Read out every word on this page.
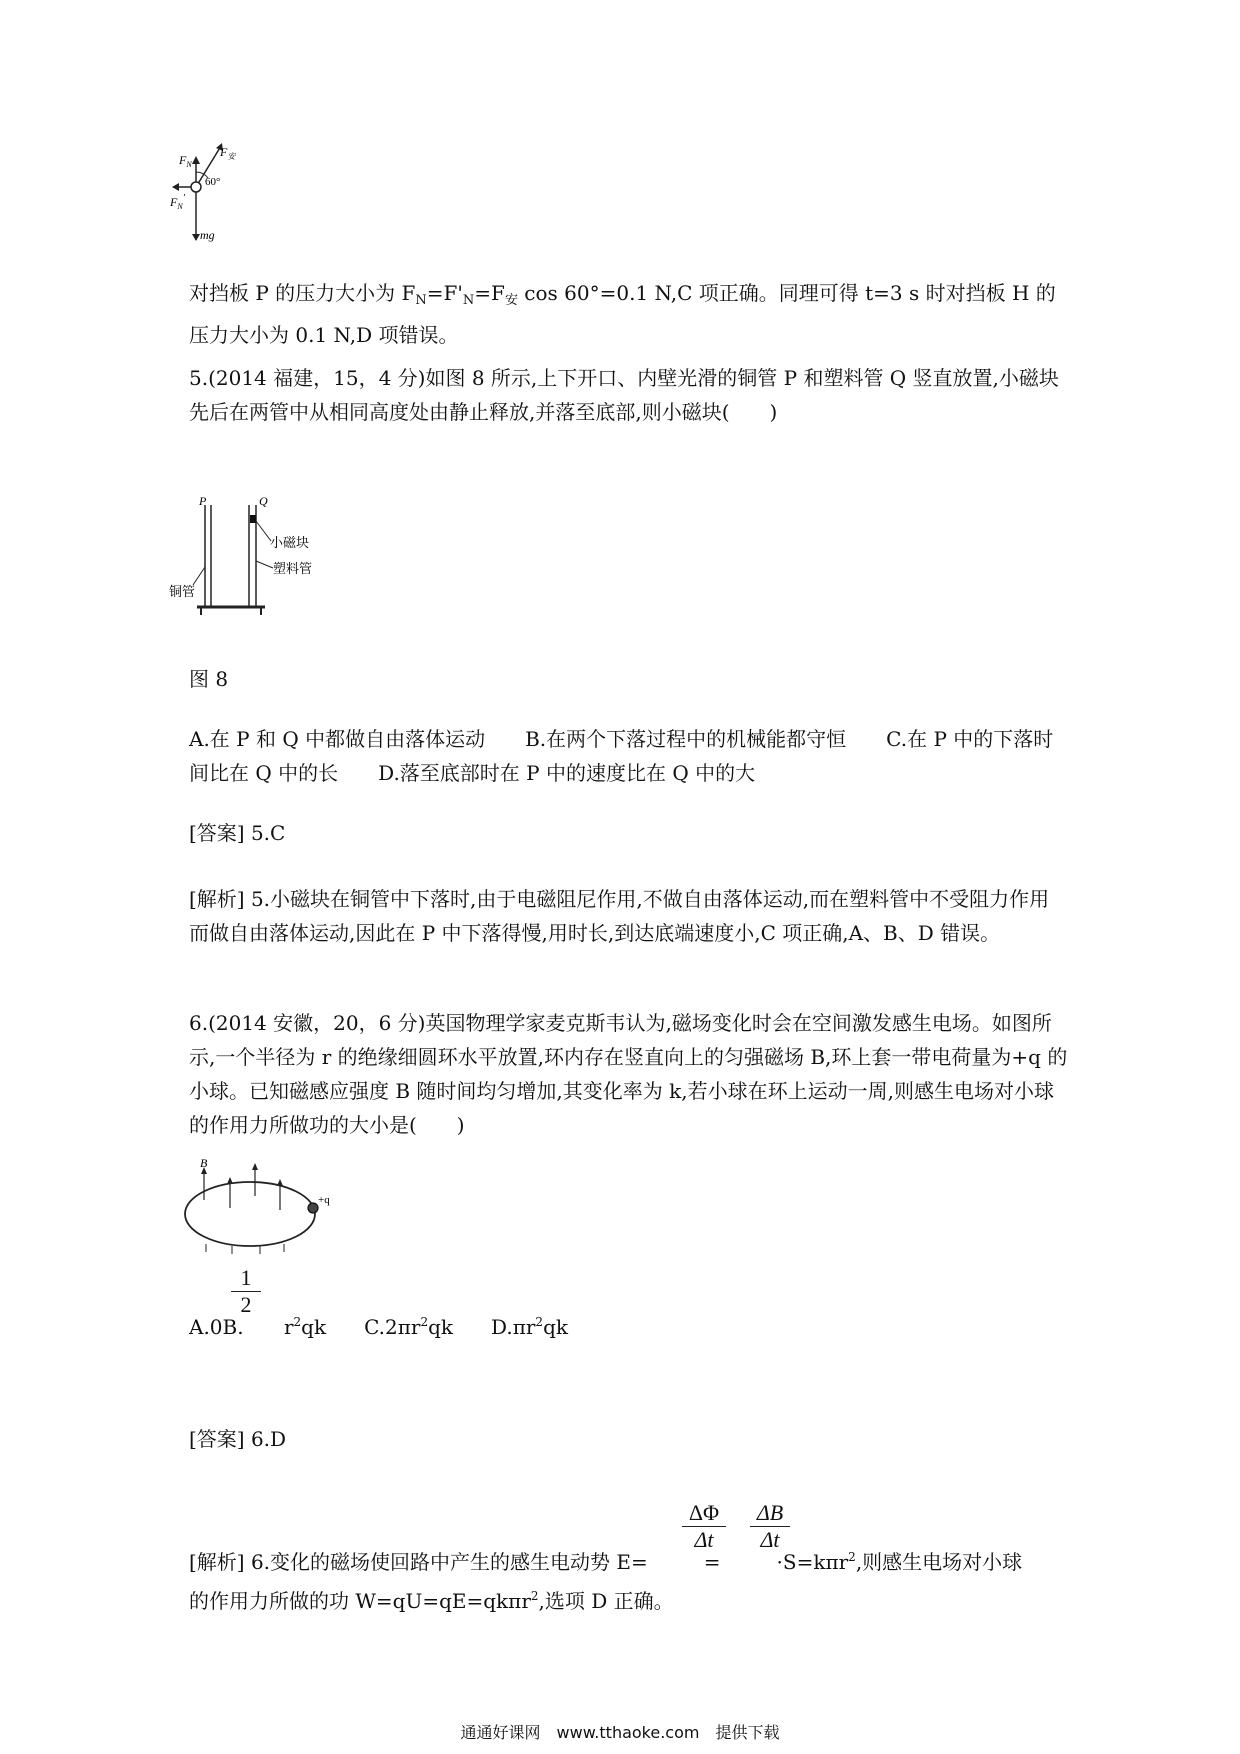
$F_N$
$F_安$
60°
$F_N'$
mg
对挡板 P 的压力大小为 $F_N=F'_N=F_安$ cos 60°=0.1 N,C 项正确。同理可得 t=3 s 时对挡板 H 的压力大小为 0.1 N,D 项错误。
5.(2014 福建，15，4 分)如图 8 所示,上下开口、内壁光滑的铜管 P 和塑料管 Q 竖直放置,小磁块先后在两管中从相同高度处由静止释放,并落至底部,则小磁块(　　)
P	Q
小磁块
塑料管
铜管
图 8
A.在 P 和 Q 中都做自由落体运动 B.在两个下落过程中的机械能都守恒 C.在 P 中的下落时间比在 Q 中的长 D.落至底部时在 P 中的速度比在 Q 中的大
[答案] 5.C
[解析] 5.小磁块在铜管中下落时,由于电磁阻尼作用,不做自由落体运动,而在塑料管中不受阻力作用而做自由落体运动,因此在 P 中下落得慢,用时长,到达底端速度小,C 项正确,A、B、D 错误。
6.(2014 安徽，20，6 分)英国物理学家麦克斯韦认为,磁场变化时会在空间激发感生电场。如图所示,一个半径为 r 的绝缘细圆环水平放置,环内存在竖直向上的匀强磁场 B,环上套一带电荷量为+q 的小球。已知磁感应强度 B 随时间均匀增加,其变化率为 k,若小球在环上运动一周,则感生电场对小球的作用力所做功的大小是(　　)
B
+q
1
2
A.0B. $r^2qk$ $C.2\pi r^2qk$ $D.\pi r^2qk$
[答案] 6.D
ΔΦ
Δt
ΔB
Δt
[解析] 6.变化的磁场使回路中产生的感生电动势 E=	=	·S=kπr$^2$,则感生电场对小球
的作用力所做的功 W=qU=qE=qkπr$^2$,选项 D 正确。
通通好课网　www.tthaoke.com　提供下载
